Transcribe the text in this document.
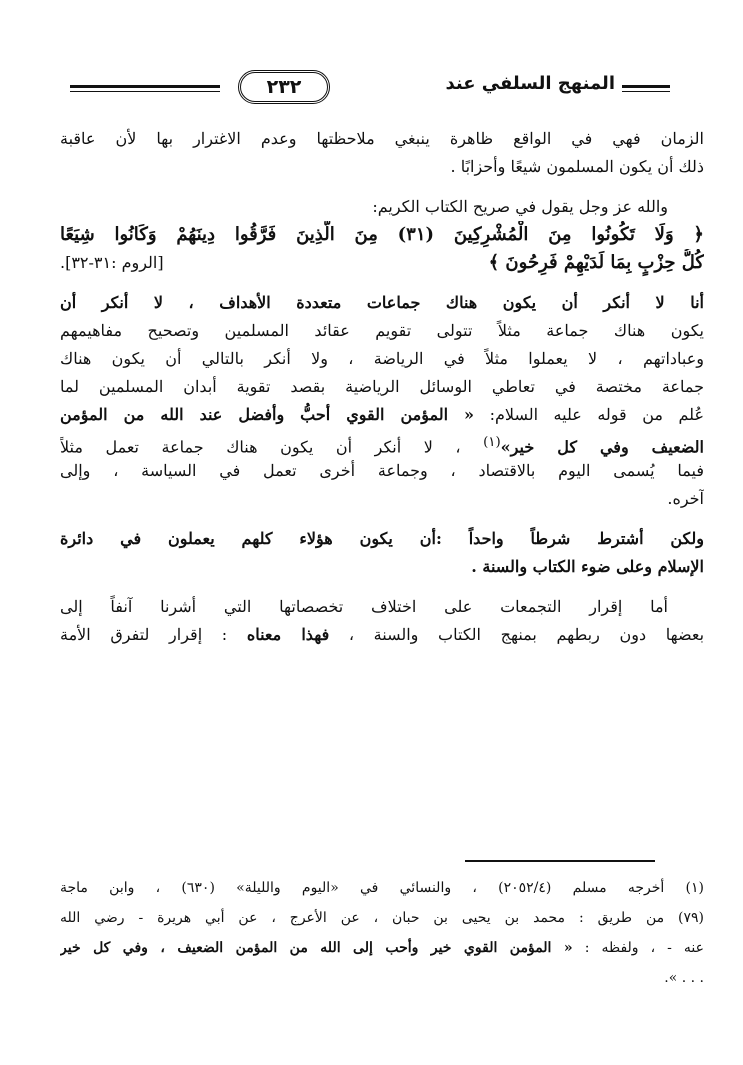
٢٣٢	المنهج السلفي عند
الزمان فهي في الواقع ظاهرة ينبغي ملاحظتها وعدم الاغترار بها لأن عاقبة
ذلك أن يكون المسلمون شيعًا وأحزابًا .
والله عز وجل يقول في صريح الكتاب الكريم:
﴿ وَلَا تَكُونُوا مِنَ الْمُشْرِكِينَ (٣١) مِنَ الَّذِينَ فَرَّقُوا دِينَهُمْ وَكَانُوا شِيَعًا
كُلُّ حِزْبٍ بِمَا لَدَيْهِمْ فَرِحُونَ ﴾
[الروم :٣١-٣٢].
أنا لا أنكر أن يكون هناك جماعات متعددة الأهداف ، لا أنكر أن
يكون هناك جماعة مثلاً تتولى تقويم عقائد المسلمين وتصحيح مفاهيمهم
وعباداتهم ، لا يعملوا مثلاً في الرياضة ، ولا أنكر بالتالي أن يكون هناك
جماعة مختصة في تعاطي الوسائل الرياضية بقصد تقوية أبدان المسلمين لما
عُلم من قوله عليه السلام: « المؤمن القوي أحبُّ وأفضل عند الله من المؤمن
الضعيف وفي كل خير»$^{(١)}$ ، لا أنكر أن يكون هناك جماعة تعمل مثلاً
فيما يُسمى اليوم بالاقتصاد ، وجماعة أخرى تعمل في السياسة ، وإلى
آخره.
ولكن أشترط شرطاً واحداً :أن يكون هؤلاء كلهم يعملون في دائرة
الإسلام وعلى ضوء الكتاب والسنة .
أما إقرار التجمعات على اختلاف تخصصاتها التي أشرنا آنفاً إلى
بعضها دون ربطهم بمنهج الكتاب والسنة ، فهذا معناه : إقرار لتفرق الأمة
(١) أخرجه مسلم (٢٠٥٢/٤) ، والنسائي في «اليوم والليلة» (٦٣٠) ، وابن ماجة
(٧٩) من طريق : محمد بن يحيى بن حبان ، عن الأعرج ، عن أبي هريرة - رضي الله
عنه - ، ولفظه : « المؤمن القوي خير وأحب إلى الله من المؤمن الضعيف ، وفي كل خير
. . . ».
